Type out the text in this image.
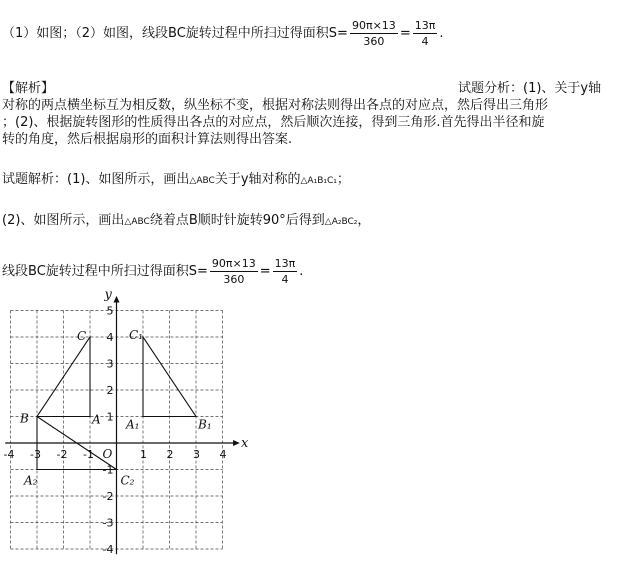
（1）如图；（2）如图，线段BC旋转过程中所扫过得面积$S= \frac{90\pi\times 13}{360} = \frac{13\pi}{4}$ .
【解析】	试题分析：(1)、关于y轴
对称的两点横坐标互为相反数，纵坐标不变，根据对称法则得出各点的对应点，然后得出三角形
；(2)、根据旋转图形的性质得出各点的对应点，然后顺次连接，得到三角形.首先得出半径和旋
转的角度，然后根据扇形的面积计算法则得出答案.
试题解析：(1)、如图所示，画出△ABC关于y轴对称的△A₁B₁C₁；
(2)、如图所示，画出△ABC绕着点B顺时针旋转90°后得到△A₂BC₂，
线段BC旋转过程中所扫过得面积$S= \frac{90\pi\times 13}{360} = \frac{13\pi}{4}$ .
x
y
O
-4 -3 -2 -1	1 2 3 4
5
4
3
2
1
-1
-2
-3
-4
C
A
B
C₁
A₁	B₁
A₂	C₂
